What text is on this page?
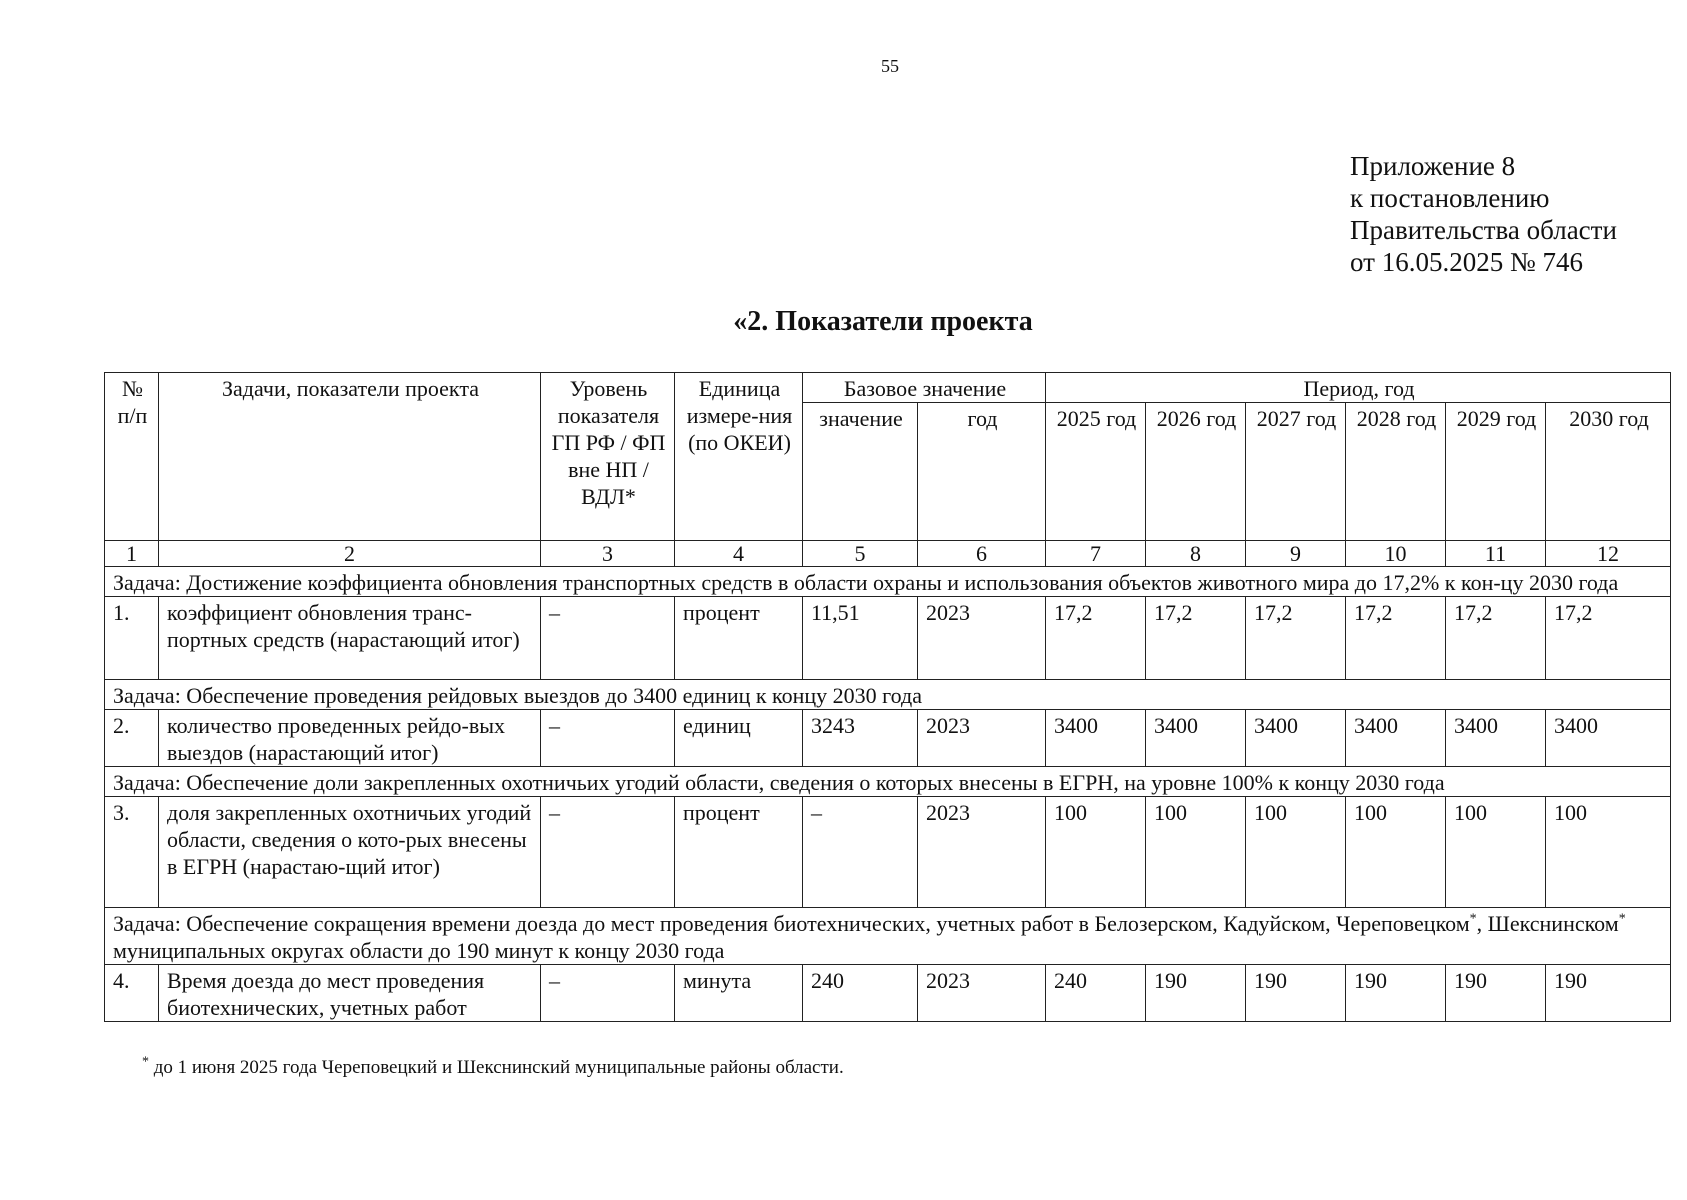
55
Приложение 8
к постановлению
Правительства области
от 16.05.2025 № 746
«2. Показатели проекта
№ п/п	Задачи, показатели проекта	Уровень показателя ГП РФ / ФП вне НП / ВДЛ*	Единица измере-ния (по ОКЕИ)	Базовое значение		Период, год					
				значение	год	2025 год	2026 год	2027 год	2028 год	2029 год	2030 год
1	2	3	4	5	6	7	8	9	10	11	12
Задача: Достижение коэффициента обновления транспортных средств в области охраны и использования объектов животного мира до 17,2% к кон-цу 2030 года											
1.	коэффициент обновления транс-портных средств (нарастающий итог)	–	процент	11,51	2023	17,2	17,2	17,2	17,2	17,2	17,2
Задача: Обеспечение проведения рейдовых выездов до 3400 единиц к концу 2030 года											
2.	количество проведенных рейдо-вых выездов (нарастающий итог)	–	единиц	3243	2023	3400	3400	3400	3400	3400	3400
Задача: Обеспечение доли закрепленных охотничьих угодий области, сведения о которых внесены в ЕГРН, на уровне 100% к концу 2030 года											
3.	доля закрепленных охотничьих угодий области, сведения о кото-рых внесены в ЕГРН (нарастаю-щий итог)	–	процент	–	2023	100	100	100	100	100	100
Задача: Обеспечение сокращения времени доезда до мест проведения биотехнических, учетных работ в Белозерском, Кадуйском, Череповецком*, Шекснинском* муниципальных округах области до 190 минут к концу 2030 года											
4.	Время доезда до мест проведения биотехнических, учетных работ	–	минута	240	2023	240	190	190	190	190	190
* до 1 июня 2025 года Череповецкий и Шекснинский муниципальные районы области.
